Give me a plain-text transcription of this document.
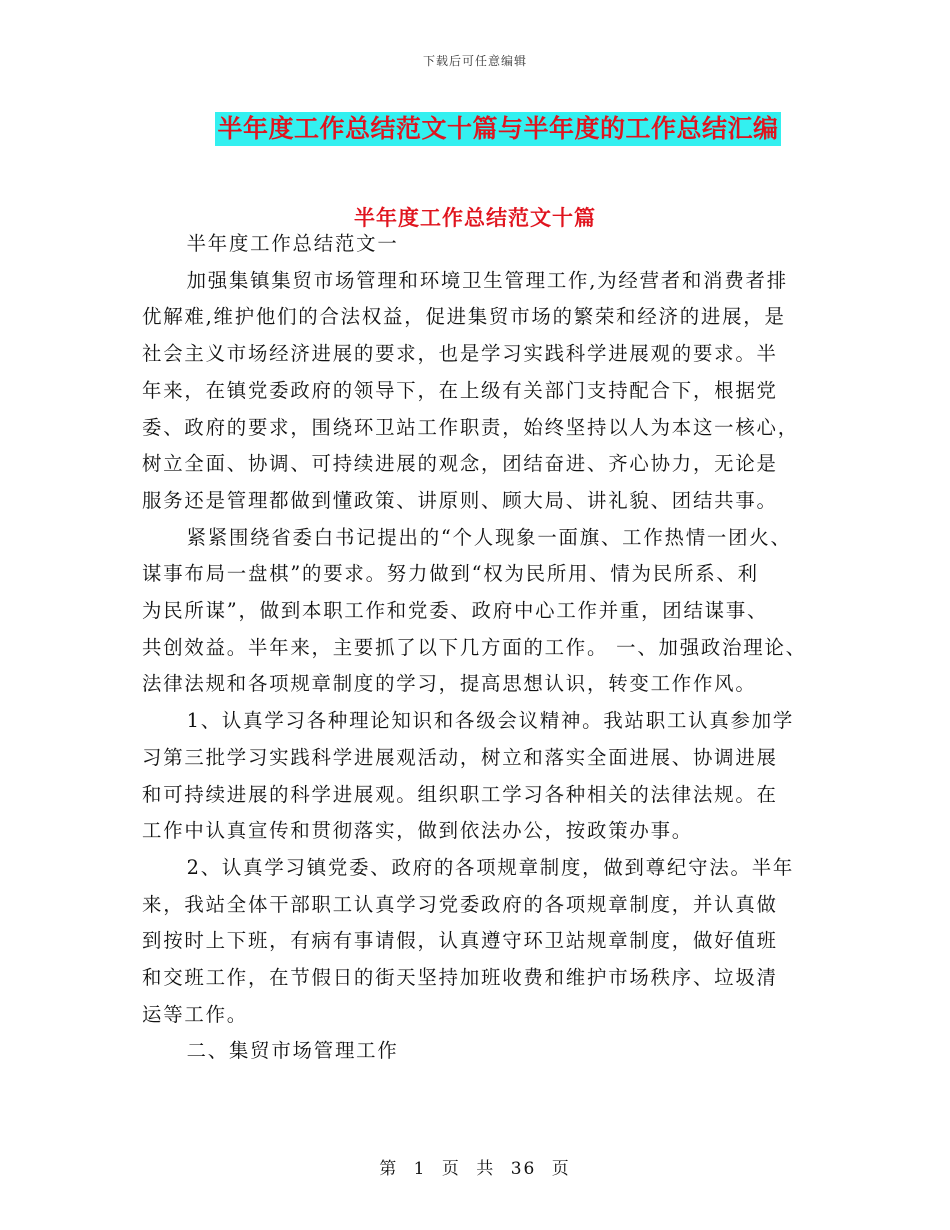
下载后可任意编辑
半年度工作总结范文十篇与半年度的工作总结汇编
半年度工作总结范文十篇

半年度工作总结范文一

加强集镇集贸市场管理和环境卫生管理工作,为经营者和消费者排
优解难,维护他们的合法权益，促进集贸市场的繁荣和经济的进展，是
社会主义市场经济进展的要求，也是学习实践科学进展观的要求。半
年来，在镇党委政府的领导下，在上级有关部门支持配合下，根据党
委、政府的要求，围绕环卫站工作职责，始终坚持以人为本这一核心，
树立全面、协调、可持续进展的观念，团结奋进、齐心协力，无论是
服务还是管理都做到懂政策、讲原则、顾大局、讲礼貌、团结共事。

紧紧围绕省委白书记提出的“个人现象一面旗、工作热情一团火、
谋事布局一盘棋”的要求。努力做到“权为民所用、情为民所系、利
为民所谋”，做到本职工作和党委、政府中心工作并重，团结谋事、
共创效益。半年来，主要抓了以下几方面的工作。 一、加强政治理论、
法律法规和各项规章制度的学习，提高思想认识，转变工作作风。

1、认真学习各种理论知识和各级会议精神。我站职工认真参加学
习第三批学习实践科学进展观活动，树立和落实全面进展、协调进展
和可持续进展的科学进展观。组织职工学习各种相关的法律法规。在
工作中认真宣传和贯彻落实，做到依法办公，按政策办事。

2、认真学习镇党委、政府的各项规章制度，做到尊纪守法。半年
来，我站全体干部职工认真学习党委政府的各项规章制度，并认真做
到按时上下班，有病有事请假，认真遵守环卫站规章制度，做好值班
和交班工作，在节假日的街天坚持加班收费和维护市场秩序、垃圾清
运等工作。

二、集贸市场管理工作

第 1 页 共 36 页
